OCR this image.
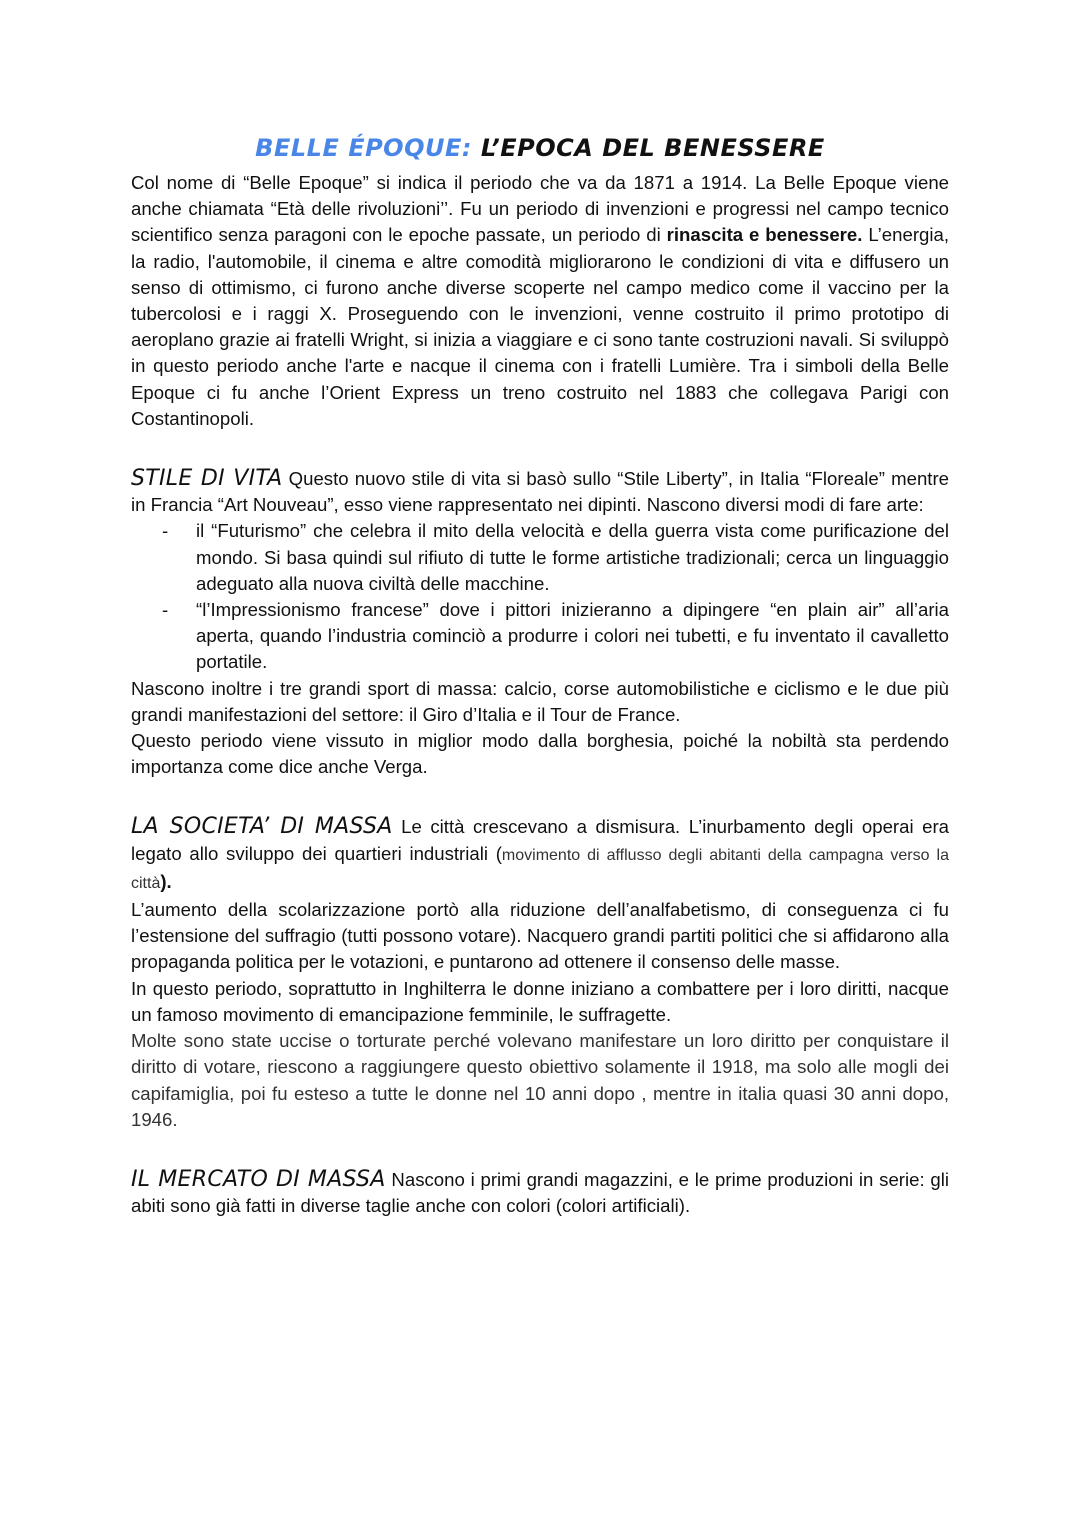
BELLE ÉPOQUE: L’EPOCA DEL BENESSERE

Col nome di “Belle Epoque” si indica il periodo che va da 1871 a 1914. La Belle Epoque viene anche chiamata “Età delle rivoluzioni’’. Fu un periodo di invenzioni e progressi nel campo tecnico scientifico senza paragoni con le epoche passate, un periodo di rinascita e benessere. L’energia, la radio, l'automobile, il cinema e altre comodità migliorarono le condizioni di vita e diffusero un senso di ottimismo, ci furono anche diverse scoperte nel campo medico come il vaccino per la tubercolosi e i raggi X. Proseguendo con le invenzioni, venne costruito il primo prototipo di aeroplano grazie ai fratelli Wright, si inizia a viaggiare e ci sono tante costruzioni navali. Si sviluppò in questo periodo anche l'arte e nacque il cinema con i fratelli Lumière. Tra i simboli della Belle Epoque ci fu anche l’Orient Express un treno costruito nel 1883 che collegava Parigi con Costantinopoli.

STILE DI VITA Questo nuovo stile di vita si basò sullo “Stile Liberty”, in Italia “Floreale” mentre in Francia “Art Nouveau”, esso viene rappresentato nei dipinti. Nascono diversi modi di fare arte:

- il “Futurismo” che celebra il mito della velocità e della guerra vista come purificazione del mondo. Si basa quindi sul rifiuto di tutte le forme artistiche tradizionali; cerca un linguaggio adeguato alla nuova civiltà delle macchine.
- “l’Impressionismo francese” dove i pittori inizieranno a dipingere “en plain air” all’aria aperta, quando l’industria cominciò a produrre i colori nei tubetti, e fu inventato il cavalletto portatile.

Nascono inoltre i tre grandi sport di massa: calcio, corse automobilistiche e ciclismo e le due più grandi manifestazioni del settore: il Giro d’Italia e il Tour de France.

Questo periodo viene vissuto in miglior modo dalla borghesia, poiché la nobiltà sta perdendo importanza come dice anche Verga.

LA SOCIETA’ DI MASSA Le città crescevano a dismisura. L’inurbamento degli operai era legato allo sviluppo dei quartieri industriali (movimento di afflusso degli abitanti della campagna verso la città).

L’aumento della scolarizzazione portò alla riduzione dell’analfabetismo, di conseguenza ci fu l’estensione del suffragio (tutti possono votare). Nacquero grandi partiti politici che si affidarono alla propaganda politica per le votazioni, e puntarono ad ottenere il consenso delle masse.

In questo periodo, soprattutto in Inghilterra le donne iniziano a combattere per i loro diritti, nacque un famoso movimento di emancipazione femminile, le suffragette.

Molte sono state uccise o torturate perché volevano manifestare un loro diritto per conquistare il diritto di votare, riescono a raggiungere questo obiettivo solamente il 1918, ma solo alle mogli dei capifamiglia, poi fu esteso a tutte le donne nel 10 anni dopo , mentre in italia quasi 30 anni dopo, 1946.

IL MERCATO DI MASSA Nascono i primi grandi magazzini, e le prime produzioni in serie: gli abiti sono già fatti in diverse taglie anche con colori (colori artificiali).
